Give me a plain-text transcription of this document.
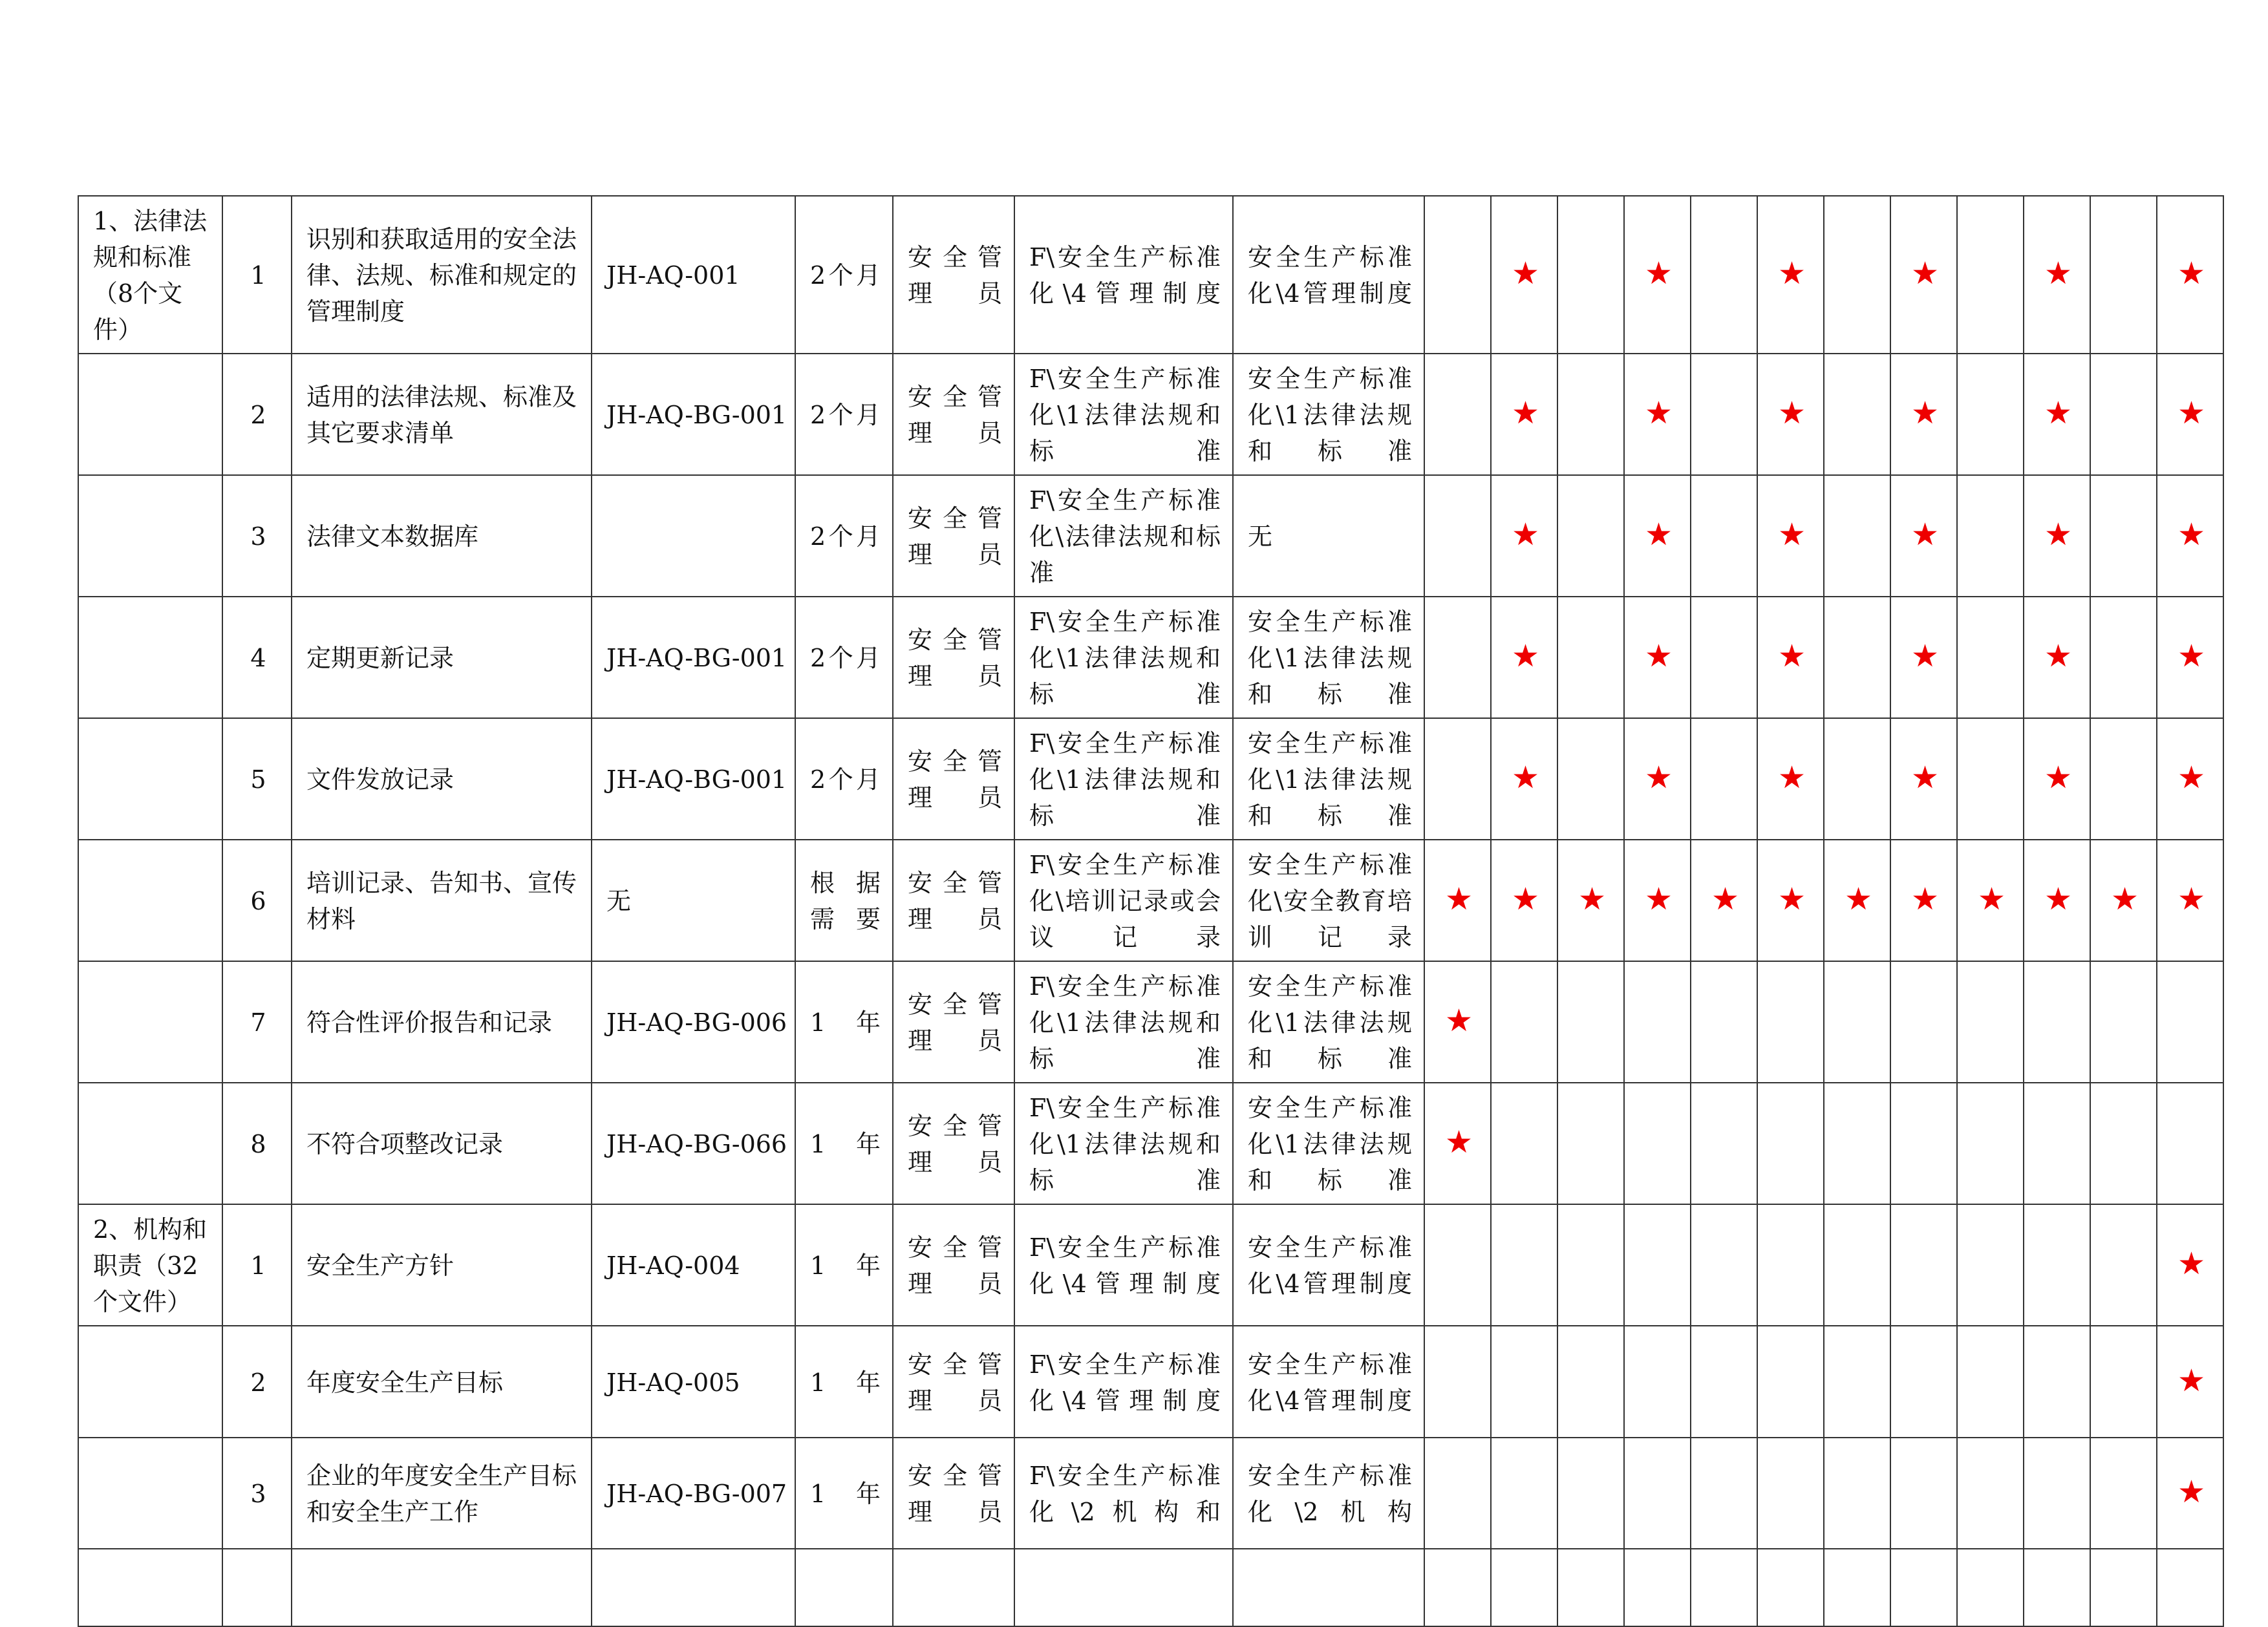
1、法律法规和标准（8个文件）	1	识别和获取适用的安全法律、法规、标准和规定的管理制度	JH-AQ-001	2个月	安全管理员	F\安全生产标准化\4管理制度	安全生产标准化\4管理制度		★		★		★		★		★		★
	2	适用的法律法规、标准及其它要求清单	JH-AQ-BG-001	2个月	安全管理员	F\安全生产标准化\1法律法规和标准	安全生产标准化\1法律法规和标准		★		★		★		★		★		★
	3	法律文本数据库		2个月	安全管理员	F\安全生产标准化\法律法规和标准	无		★		★		★		★		★		★
	4	定期更新记录	JH-AQ-BG-001	2个月	安全管理员	F\安全生产标准化\1法律法规和标准	安全生产标准化\1法律法规和标准		★		★		★		★		★		★
	5	文件发放记录	JH-AQ-BG-001	2个月	安全管理员	F\安全生产标准化\1法律法规和标准	安全生产标准化\1法律法规和标准		★		★		★		★		★		★
	6	培训记录、告知书、宣传材料	无	根据需要	安全管理员	F\安全生产标准化\培训记录或会议记录	安全生产标准化\安全教育培训记录	★	★	★	★	★	★	★	★	★	★	★	★
	7	符合性评价报告和记录	JH-AQ-BG-006	1年	安全管理员	F\安全生产标准化\1法律法规和标准	安全生产标准化\1法律法规和标准	★											
	8	不符合项整改记录	JH-AQ-BG-066	1年	安全管理员	F\安全生产标准化\1法律法规和标准	安全生产标准化\1法律法规和标准	★											
2、机构和职责（32个文件）	1	安全生产方针	JH-AQ-004	1年	安全管理员	F\安全生产标准化\4管理制度	安全生产标准化\4管理制度												★
	2	年度安全生产目标	JH-AQ-005	1年	安全管理员	F\安全生产标准化\4管理制度	安全生产标准化\4管理制度												★
	3	企业的年度安全生产目标和安全生产工作	JH-AQ-BG-007	1年	安全管理员	F\安全生产标准化\2机构和	安全生产标准化\2机构												★
